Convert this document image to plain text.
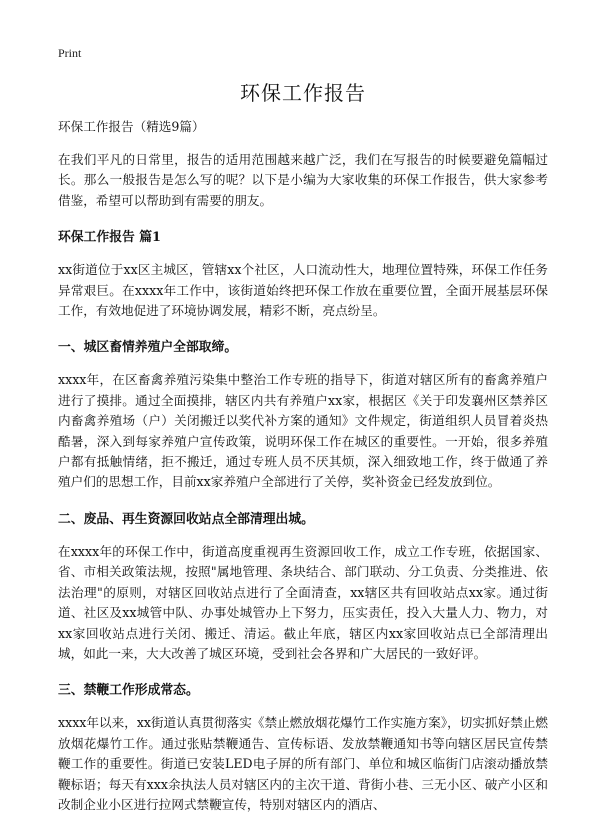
Print
环保工作报告
环保工作报告（精选9篇）

在我们平凡的日常里，报告的适用范围越来越广泛，我们在写报告的时候要避免篇幅过长。那么一般报告是怎么写的呢？以下是小编为大家收集的环保工作报告，供大家参考借鉴，希望可以帮助到有需要的朋友。

环保工作报告 篇1

xx街道位于xx区主城区，管辖xx个社区，人口流动性大，地理位置特殊，环保工作任务异常艰巨。在xxxx年工作中，该街道始终把环保工作放在重要位置，全面开展基层环保工作，有效地促进了环境协调发展，精彩不断，亮点纷呈。

一、城区畜情养殖户全部取缔。

xxxx年，在区畜禽养殖污染集中整治工作专班的指导下，街道对辖区所有的畜禽养殖户进行了摸排。通过全面摸排，辖区内共有养殖户xx家，根据区《关于印发襄州区禁养区内畜禽养殖场（户）关闭搬迁以奖代补方案的通知》文件规定，街道组织人员冒着炎热酷暑，深入到每家养殖户宣传政策，说明环保工作在城区的重要性。一开始，很多养殖户都有抵触情绪，拒不搬迁，通过专班人员不厌其烦，深入细致地工作，终于做通了养殖户们的思想工作，目前xx家养殖户全部进行了关停，奖补资金已经发放到位。

二、废品、再生资源回收站点全部清理出城。

在xxxx年的环保工作中，街道高度重视再生资源回收工作，成立工作专班，依据国家、省、市相关政策法规，按照"属地管理、条块结合、部门联动、分工负责、分类推进、依法治理"的原则，对辖区回收站点进行了全面清查，xx辖区共有回收站点xx家。通过街道、社区及xx城管中队、办事处城管办上下努力，压实责任，投入大量人力、物力，对xx家回收站点进行关闭、搬迁、清运。截止年底，辖区内xx家回收站点已全部清理出城，如此一来，大大改善了城区环境，受到社会各界和广大居民的一致好评。

三、禁鞭工作形成常态。

xxxx年以来，xx街道认真贯彻落实《禁止燃放烟花爆竹工作实施方案》，切实抓好禁止燃放烟花爆竹工作。通过张贴禁鞭通告、宣传标语、发放禁鞭通知书等向辖区居民宣传禁鞭工作的重要性。街道已安装LED电子屏的所有部门、单位和城区临街门店滚动播放禁鞭标语；每天有xxx余执法人员对辖区内的主次干道、背街小巷、三无小区、破产小区和改制企业小区进行拉网式禁鞭宣传，特别对辖区内的酒店、
